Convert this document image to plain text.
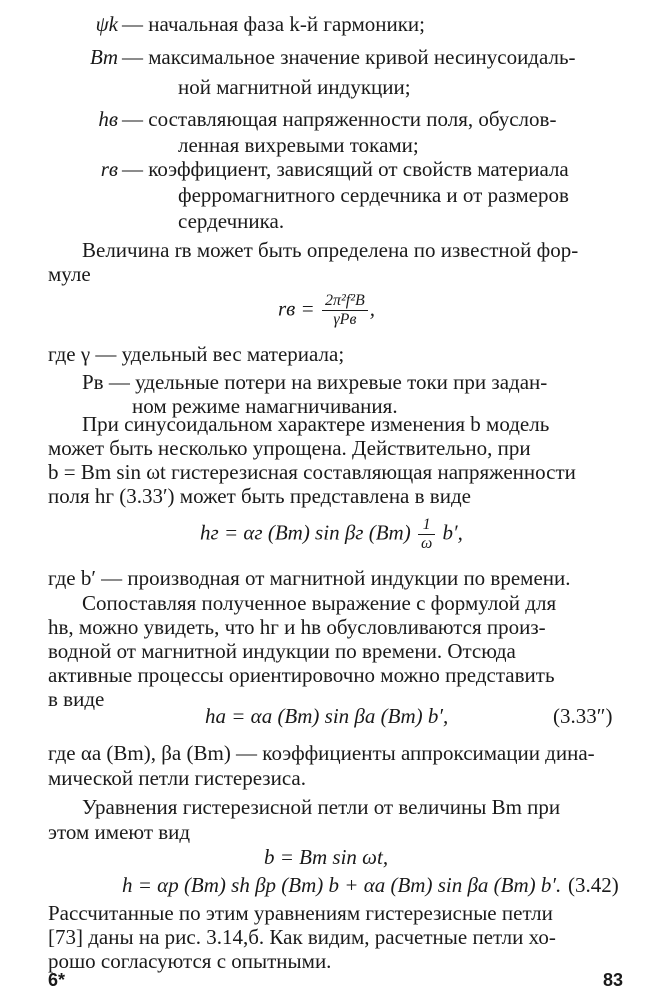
ψk — начальная фаза k-й гармоники;
Bm — максимальное значение кривой несинусоидаль-
ной магнитной индукции;
hв — составляющая напряженности поля, обуслов-
ленная вихревыми токами;
rв — коэффициент, зависящий от свойств материала
ферромагнитного сердечника и от размеров
сердечника.
Величина rв может быть определена по известной фор-
муле
rв = $\frac{\text{2π²f²B}}{\text{γPв}}$ ,
где γ — удельный вес материала;
Pв — удельные потери на вихревые токи при задан-
ном режиме намагничивания.
При синусоидальном характере изменения b модель
может быть несколько упрощена. Действительно, при
b = Bm sin ωt гистерезисная составляющая напряженности
поля hг (3.33′) может быть представлена в виде
hг = αг (Bm) sin βг $(Bm) \frac{1}{\omega} b'$,
где b′ — производная от магнитной индукции по времени.
Сопоставляя полученное выражение с формулой для
hв, можно увидеть, что hг и hв обусловливаются произ-
водной от магнитной индукции по времени. Отсюда
активные процессы ориентировочно можно представить
в виде
hа = αа (Bm) sin βа (Bm) b′,	(3.33″)
где αа (Bm), βа (Bm) — коэффициенты аппроксимации дина-
мической петли гистерезиса.
Уравнения гистерезисной петли от величины Bm при
этом имеют вид
b = Bm sin ωt,
h = αр (Bm) sh βр (Bm) b + αа (Bm) sin βа (Bm) b′. (3.42)
Рассчитанные по этим уравнениям гистерезисные петли
[73] даны на рис. 3.14,б. Как видим, расчетные петли хо-
рошо согласуются с опытными.
6*	83
